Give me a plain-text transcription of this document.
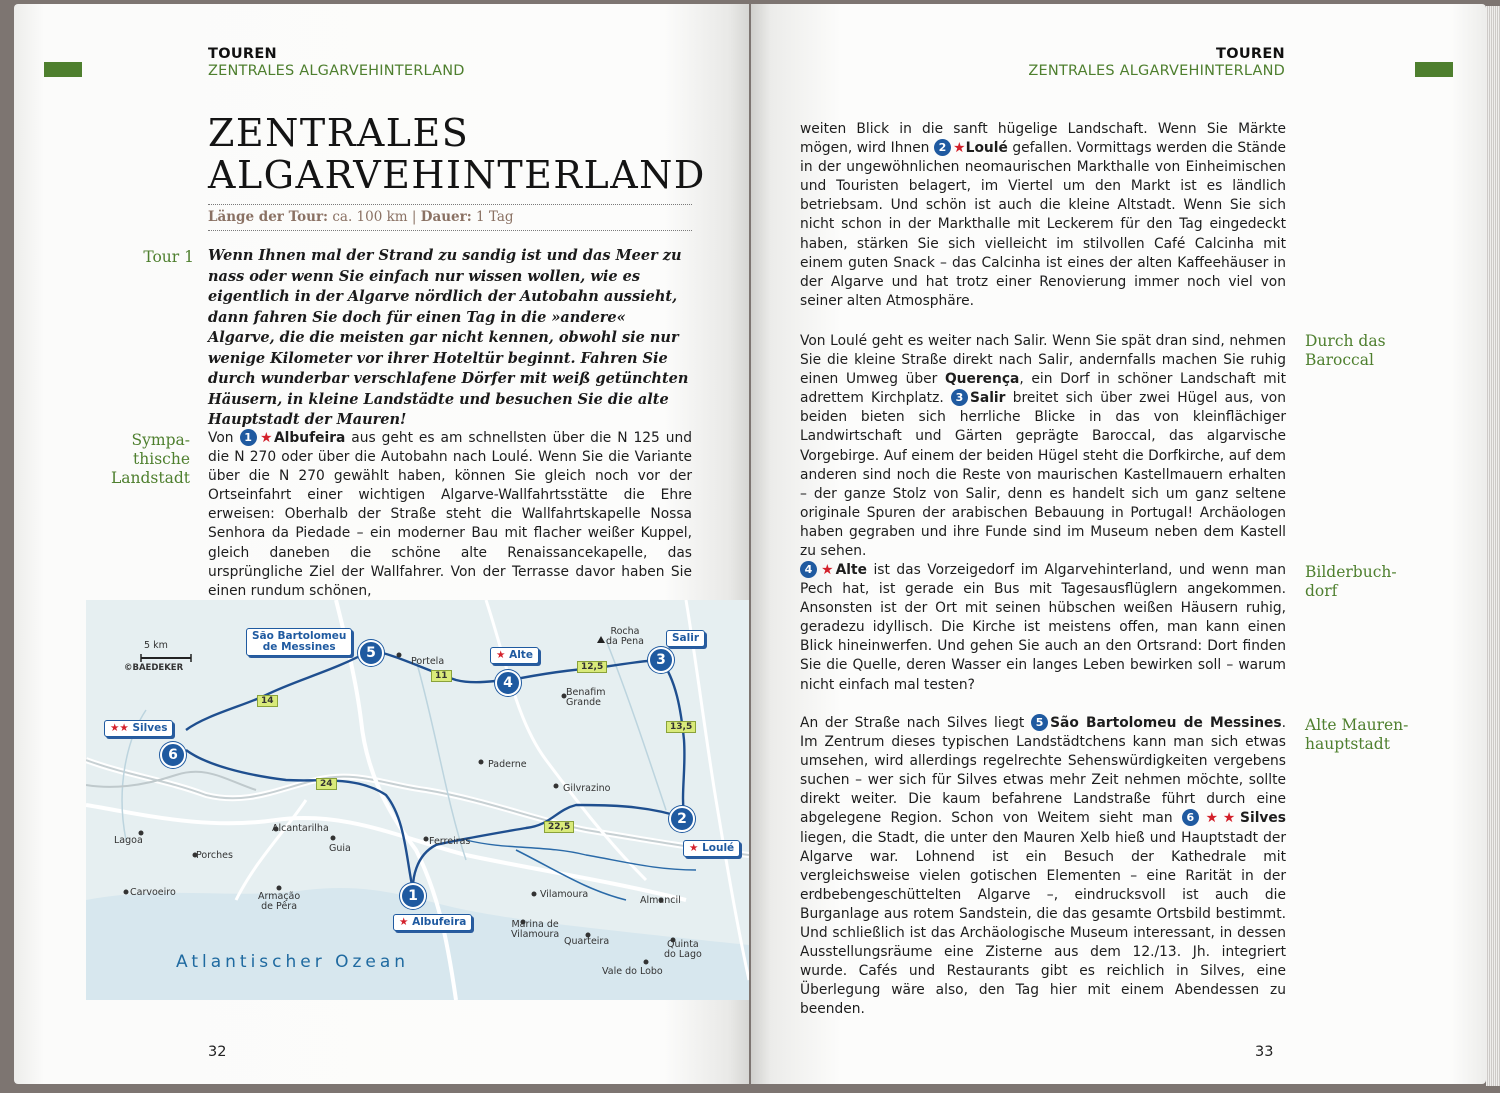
TOUREN
ZENTRALES ALGARVEHINTERLAND
ZENTRALES
ALGARVEHINTERLAND
Länge der Tour: ca. 100 km | Dauer: 1 Tag
Tour 1 Wenn Ihnen mal der Strand zu sandig ist und das Meer zu nass oder wenn Sie einfach nur wissen wollen, wie es eigentlich in der Algarve nördlich der Autobahn aussieht, dann fahren Sie doch für einen Tag in die »andere« Algarve, die die meisten gar nicht kennen, obwohl sie nur wenige Kilometer vor ihrer Hoteltür beginnt. Fahren Sie durch wunderbar verschlafene Dörfer mit weiß getünchten Häusern, in kleine Landstädte und besuchen Sie die alte Hauptstadt der Mauren!
Sympa-
thische
Landstadt
Von 1 ★Albufeira aus geht es am schnellsten über die N 125 und die N 270 oder über die Autobahn nach Loulé. Wenn Sie die Variante über die N 270 gewählt haben, können Sie gleich noch vor der Ortseinfahrt einer wichtigen Algarve-Wallfahrtsstätte die Ehre erweisen: Oberhalb der Straße steht die Wallfahrtskapelle Nossa Senhora da Piedade – ein moderner Bau mit flacher weißer Kuppel, gleich daneben die schöne alte Renaissancekapelle, das ursprüngliche Ziel der Wallfahrer. Von der Terrasse davor haben Sie einen rundum schönen,
5 km
©BAEDEKER
São Bartolomeu
de Messines
★ Alte
Salir
★★ Silves
★ Loulé
★ Albufeira
1
2
3
4
5
6
14
11
12,5
13,5
24
22,5
Portela
Rocha
da Pena
Benafim
Grande
Paderne
Gilvrazino
Alcantarilha
Lagoa
Guia
Porches
Ferreiras
Carvoeiro	Armação
de Pêra
Vilamoura
Almancil
Marina de
Vilamoura
Quarteira	Quinta
do Lago
Vale do Lobo
Atlantischer Ozean
32
TOUREN
ZENTRALES ALGARVEHINTERLAND
weiten Blick in die sanft hügelige Landschaft. Wenn Sie Märkte mögen, wird Ihnen 2 ★Loulé gefallen. Vormittags werden die Stände in der ungewöhnlichen neomaurischen Markthalle von Einheimischen und Touristen belagert, im Viertel um den Markt ist es ländlich betriebsam. Und schön ist auch die kleine Altstadt. Wenn Sie sich nicht schon in der Markthalle mit Leckerem für den Tag eingedeckt haben, stärken Sie sich vielleicht im stilvollen Café Calcinha mit einem guten Snack – das Calcinha ist eines der alten Kaffeehäuser in der Algarve und hat trotz einer Renovierung immer noch viel von seiner alten Atmosphäre.
Von Loulé geht es weiter nach Salir. Wenn Sie spät dran sind, nehmen Sie die kleine Straße direkt nach Salir, andernfalls machen Sie ruhig einen Umweg über Querença, ein Dorf in schöner Landschaft mit adrettem Kirchplatz. 3 Salir breitet sich über zwei Hügel aus, von beiden bieten sich herrliche Blicke in das von kleinflächiger Landwirtschaft und Gärten geprägte Baroccal, das algarvische Vorgebirge. Auf einem der beiden Hügel steht die Dorfkirche, auf dem anderen sind noch die Reste von maurischen Kastellmauern erhalten – der ganze Stolz von Salir, denn es handelt sich um ganz seltene originale Spuren der arabischen Bebauung in Portugal! Archäologen haben gegraben und ihre Funde sind im Museum neben dem Kastell zu sehen.
4 ★Alte ist das Vorzeigedorf im Algarvehinterland, und wenn man Pech hat, ist gerade ein Bus mit Tagesausflüglern angekommen. Ansonsten ist der Ort mit seinen hübschen weißen Häusern ruhig, geradezu idyllisch. Die Kirche ist meistens offen, man kann einen Blick hineinwerfen. Und gehen Sie auch an den Ortsrand: Dort finden Sie die Quelle, deren Wasser ein langes Leben bewirken soll – warum nicht einfach mal testen?
An der Straße nach Silves liegt 5 São Bartolomeu de Messines. Im Zentrum dieses typischen Landstädtchens kann man sich etwas umsehen, wird allerdings regelrechte Sehenswürdigkeiten vergebens suchen – wer sich für Silves etwas mehr Zeit nehmen möchte, sollte direkt weiter. Die kaum befahrene Landstraße führt durch eine abgelegene Region. Schon von Weitem sieht man 6 ★★Silves liegen, die Stadt, die unter den Mauren Xelb hieß und Hauptstadt der Algarve war. Lohnend ist ein Besuch der Kathedrale mit vergleichsweise vielen gotischen Elementen – eine Rarität in der erdbebengeschüttelten Algarve –, eindrucksvoll ist auch die Burganlage aus rotem Sandstein, die das gesamte Ortsbild bestimmt. Und schließlich ist das Archäologische Museum interessant, in dessen Ausstellungsräume eine Zisterne aus dem 12./13. Jh. integriert wurde. Cafés und Restaurants gibt es reichlich in Silves, eine Überlegung wäre also, den Tag hier mit einem Abendessen zu beenden.
Durch das
Baroccal
Bilderbuch-
dorf
Alte Mauren-
hauptstadt
33
